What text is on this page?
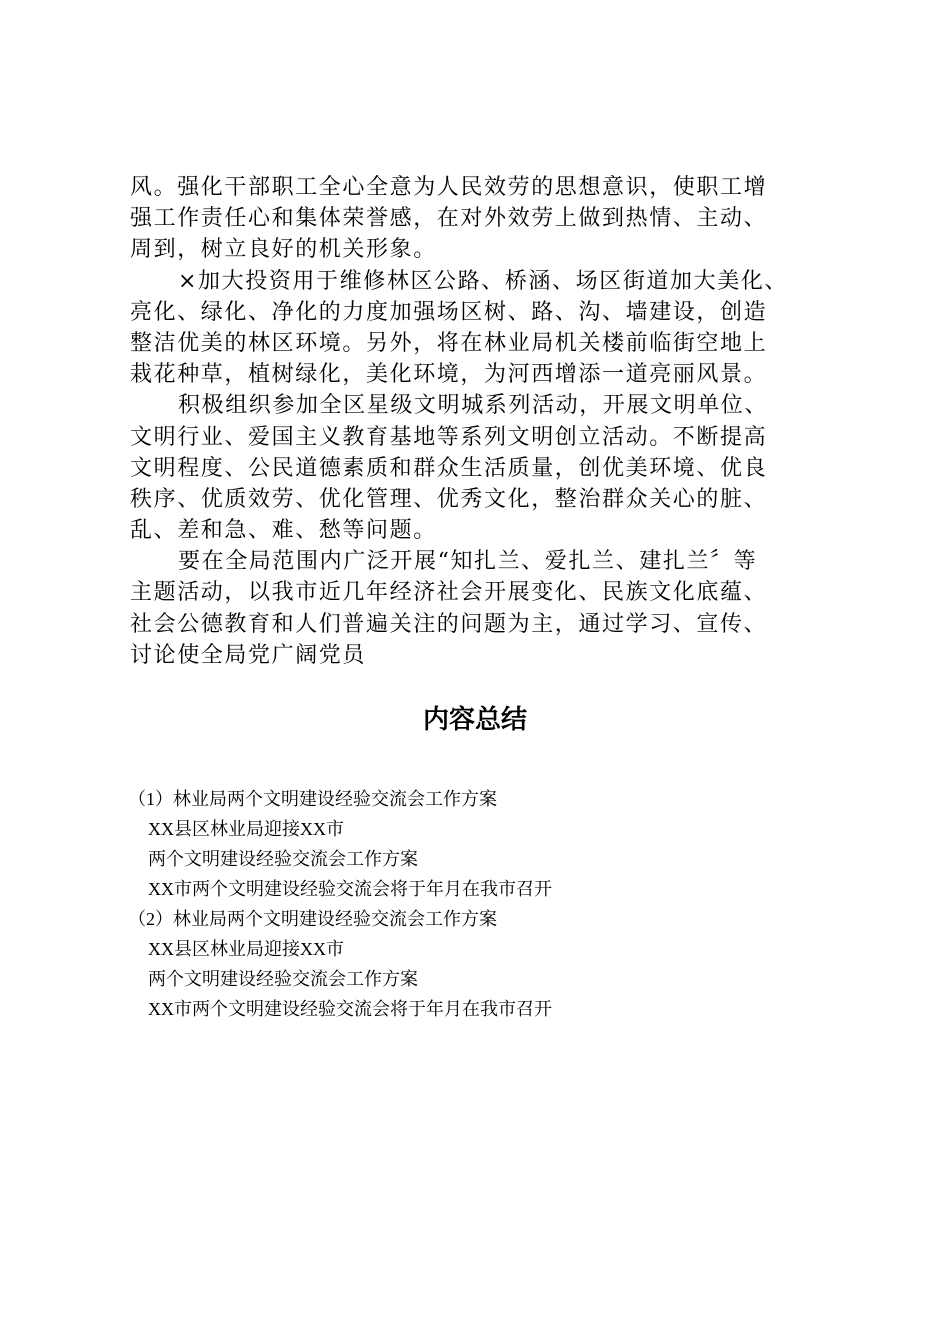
风。强化干部职工全心全意为人民效劳的思想意识，使职工增
强工作责任心和集体荣誉感，在对外效劳上做到热情、主动、
周到，树立良好的机关形象。

×加大投资用于维修林区公路、桥涵、场区街道加大美化、
亮化、绿化、净化的力度加强场区树、路、沟、墙建设，创造
整洁优美的林区环境。另外，将在林业局机关楼前临街空地上
栽花种草，植树绿化，美化环境，为河西增添一道亮丽风景。

积极组织参加全区星级文明城系列活动，开展文明单位、
文明行业、爱国主义教育基地等系列文明创立活动。不断提高
文明程度、公民道德素质和群众生活质量，创优美环境、优良
秩序、优质效劳、优化管理、优秀文化，整治群众关心的脏、
乱、差和急、难、愁等问题。

要在全局范围内广泛开展“知扎兰、爱扎兰、建扎兰〞等
主题活动，以我市近几年经济社会开展变化、民族文化底蕴、
社会公德教育和人们普遍关注的问题为主，通过学习、宣传、
讨论使全局党广阔党员

内容总结
（1）林业局两个文明建设经验交流会工作方案
XX县区林业局迎接XX市
两个文明建设经验交流会工作方案
XX市两个文明建设经验交流会将于年月在我市召开
（2）林业局两个文明建设经验交流会工作方案
XX县区林业局迎接XX市
两个文明建设经验交流会工作方案
XX市两个文明建设经验交流会将于年月在我市召开
